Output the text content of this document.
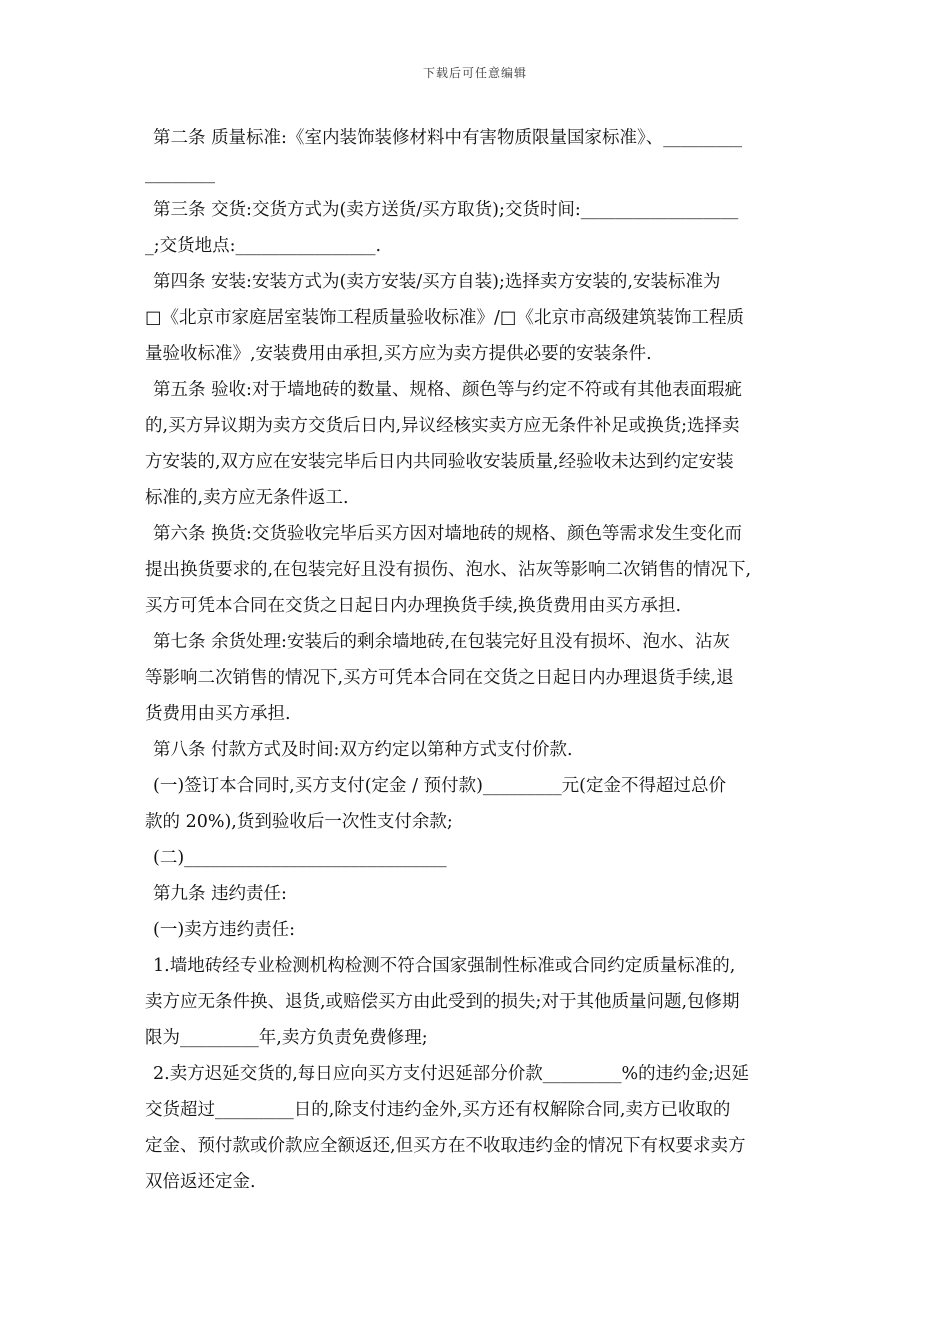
下载后可任意编辑
第二条 质量标准:《室内装饰装修材料中有害物质限量国家标准》、_________
________
第三条 交货:交货方式为(卖方送货/买方取货);交货时间:__________________
_;交货地点:________________.
第四条 安装:安装方式为(卖方安装/买方自装);选择卖方安装的,安装标准为
□《北京市家庭居室装饰工程质量验收标准》/□《北京市高级建筑装饰工程质
量验收标准》,安装费用由承担,买方应为卖方提供必要的安装条件.
第五条 验收:对于墙地砖的数量、规格、颜色等与约定不符或有其他表面瑕疵
的,买方异议期为卖方交货后日内,异议经核实卖方应无条件补足或换货;选择卖
方安装的,双方应在安装完毕后日内共同验收安装质量,经验收未达到约定安装
标准的,卖方应无条件返工.
第六条 换货:交货验收完毕后买方因对墙地砖的规格、颜色等需求发生变化而
提出换货要求的,在包装完好且没有损伤、泡水、沾灰等影响二次销售的情况下,
买方可凭本合同在交货之日起日内办理换货手续,换货费用由买方承担.
第七条 余货处理:安装后的剩余墙地砖,在包装完好且没有损坏、泡水、沾灰
等影响二次销售的情况下,买方可凭本合同在交货之日起日内办理退货手续,退
货费用由买方承担.
第八条 付款方式及时间:双方约定以第种方式支付价款.
(一)签订本合同时,买方支付(定金 / 预付款)_________元(定金不得超过总价
款的 20%),货到验收后一次性支付余款;
(二)______________________________
第九条 违约责任:
(一)卖方违约责任:
1.墙地砖经专业检测机构检测不符合国家强制性标准或合同约定质量标准的,
卖方应无条件换、退货,或赔偿买方由此受到的损失;对于其他质量问题,包修期
限为_________年,卖方负责免费修理;
2.卖方迟延交货的,每日应向买方支付迟延部分价款_________%的违约金;迟延
交货超过_________日的,除支付违约金外,买方还有权解除合同,卖方已收取的
定金、预付款或价款应全额返还,但买方在不收取违约金的情况下有权要求卖方
双倍返还定金.
